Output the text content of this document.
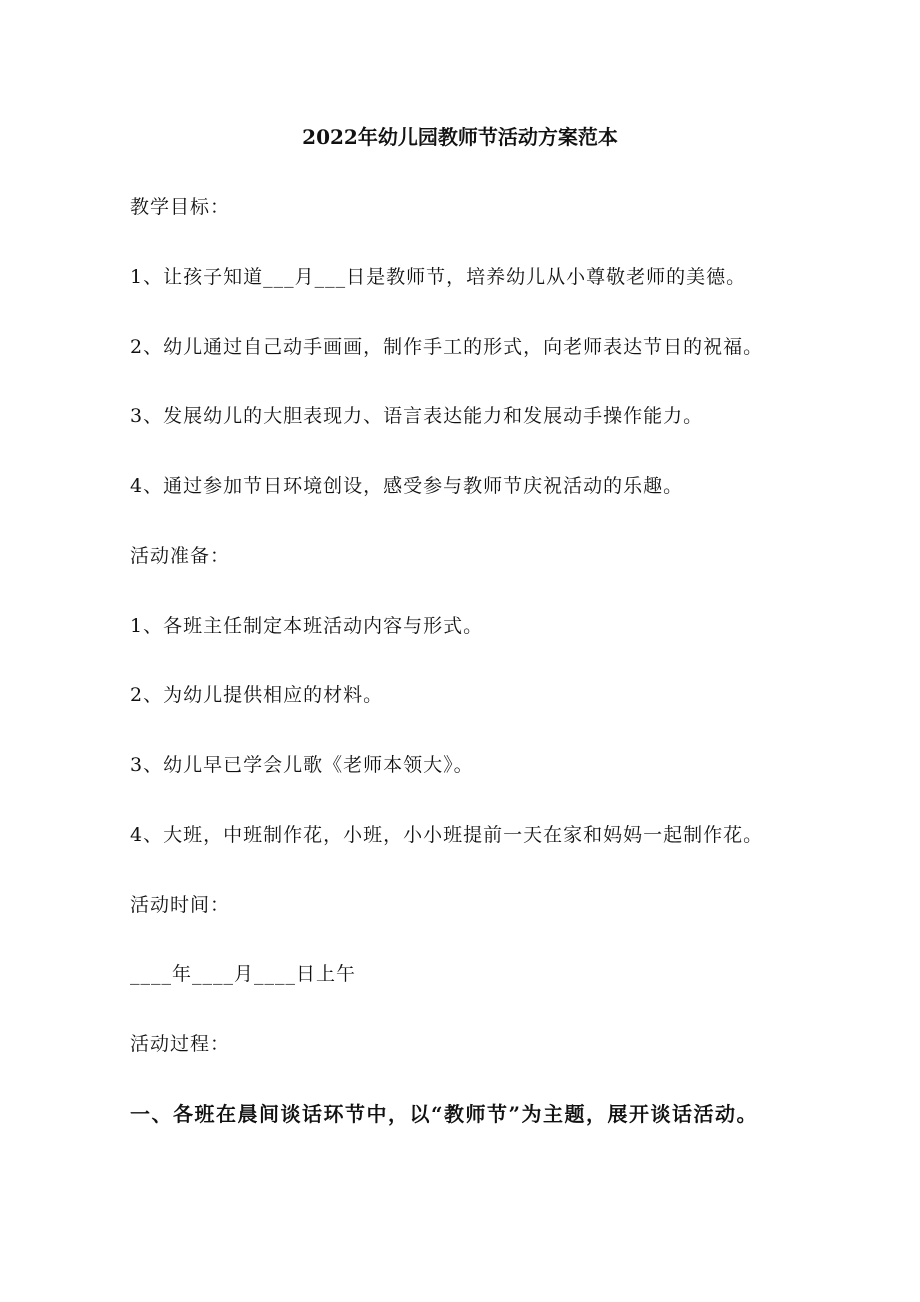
2022年幼儿园教师节活动方案范本
教学目标：
1、让孩子知道___月___日是教师节，培养幼儿从小尊敬老师的美德。
2、幼儿通过自己动手画画，制作手工的形式，向老师表达节日的祝福。
3、发展幼儿的大胆表现力、语言表达能力和发展动手操作能力。
4、通过参加节日环境创设，感受参与教师节庆祝活动的乐趣。
活动准备：
1、各班主任制定本班活动内容与形式。
2、为幼儿提供相应的材料。
3、幼儿早已学会儿歌《老师本领大》。
4、大班，中班制作花，小班，小小班提前一天在家和妈妈一起制作花。
活动时间：
____年____月____日上午
活动过程：
一、各班在晨间谈话环节中，以“教师节”为主题，展开谈话活动。
